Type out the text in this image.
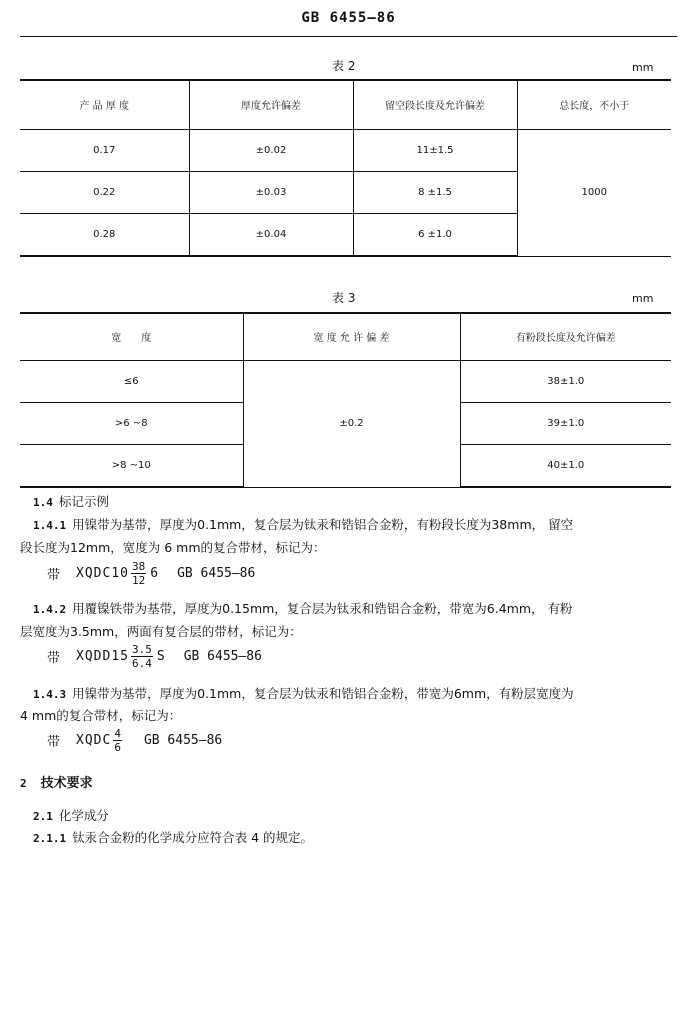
GB 6455—86
表 2	mm
产 品 厚 度	厚度允许偏差	留空段长度及允许偏差	总长度，不小于
0.17	±0.02	11±1.5	1000
0.22	±0.03	8 ±1.5	
0.28	±0.04	6 ±1.0	
表 3	mm
宽　　度	宽 度 允 许 偏 差	有粉段长度及允许偏差
≤6	±0.2	38±1.0
>6 ~8		39±1.0
>8 ~10		40±1.0
1.4 标记示例
1.4.1 用镍带为基带，厚度为0.1mm，复合层为钛汞和锆铝合金粉，有粉段长度为38mm， 留空
段长度为12mm，宽度为 6 mm的复合带材，标记为：
带 XQDC10 $\frac{38}{12} 6$ GB 6455—86
1.4.2 用覆镍铁带为基带，厚度为0.15mm，复合层为钛汞和锆铝合金粉，带宽为6.4mm， 有粉
层宽度为3.5mm，两面有复合层的带材，标记为：
带 XQDD15 $\frac{3.5}{6.4}$ S GB 6455—86
1.4.3 用镍带为基带，厚度为0.1mm，复合层为钛汞和锆铝合金粉，带宽为6mm，有粉层宽度为
4 mm的复合带材，标记为：
带 XQDC $\frac{4}{6}$ GB 6455—86
2 技术要求
2.1 化学成分
2.1.1 钛汞合金粉的化学成分应符合表 4 的规定。
